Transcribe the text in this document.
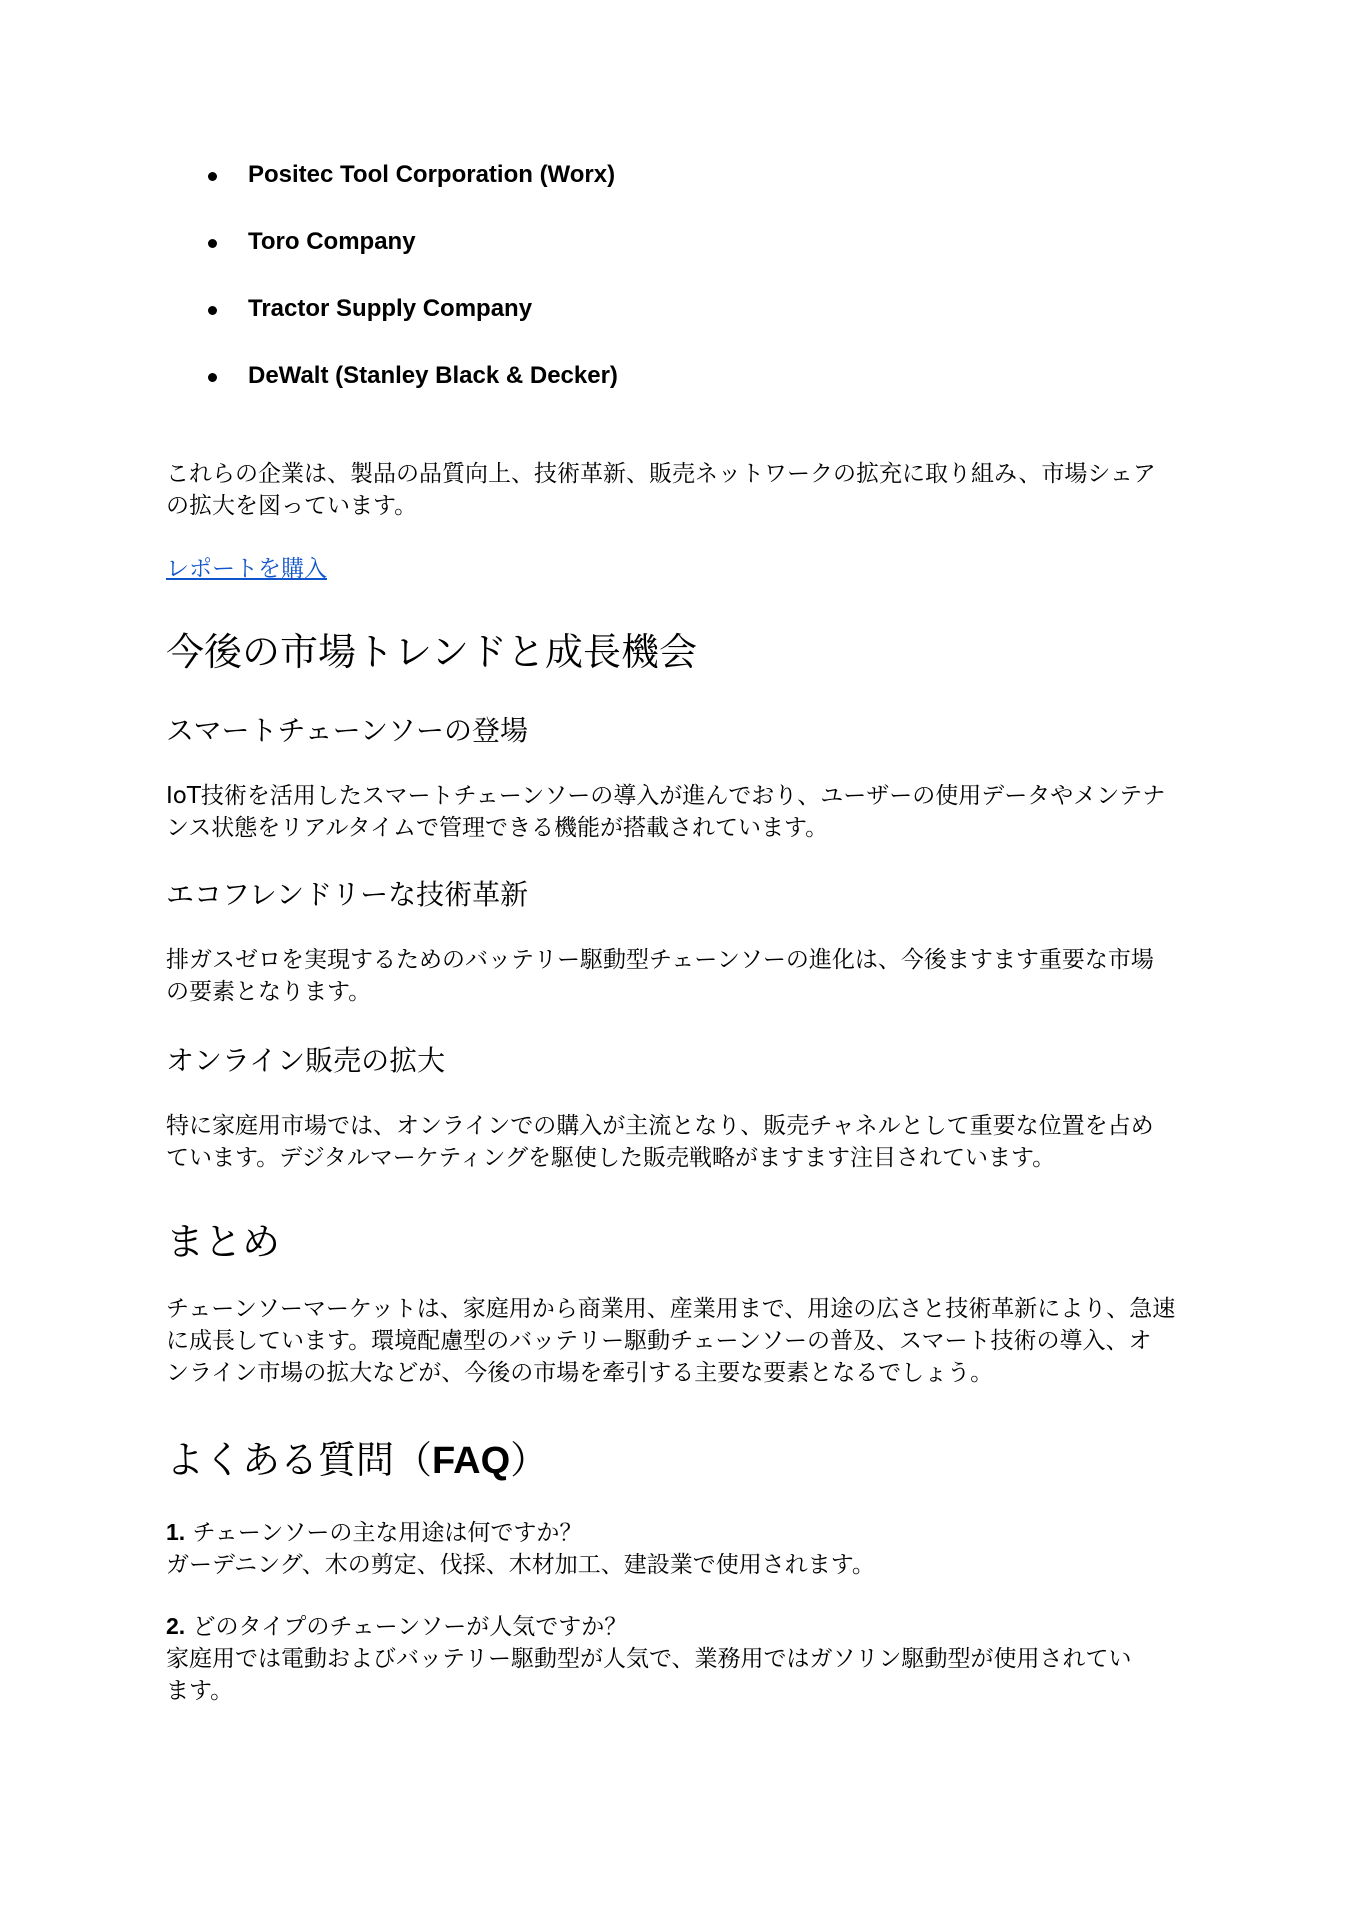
Positec Tool Corporation (Worx)
Toro Company
Tractor Supply Company
DeWalt (Stanley Black & Decker)

これらの企業は、製品の品質向上、技術革新、販売ネットワークの拡充に取り組み、市場シェア
の拡大を図っています。

レポートを購入
今後の市場トレンドと成長機会
スマートチェーンソーの登場

IoT技術を活用したスマートチェーンソーの導入が進んでおり、ユーザーの使用データやメンテナ
ンス状態をリアルタイムで管理できる機能が搭載されています。

エコフレンドリーな技術革新

排ガスゼロを実現するためのバッテリー駆動型チェーンソーの進化は、今後ますます重要な市場
の要素となります。

オンライン販売の拡大

特に家庭用市場では、オンラインでの購入が主流となり、販売チャネルとして重要な位置を占め
ています。デジタルマーケティングを駆使した販売戦略がますます注目されています。

まとめ

チェーンソーマーケットは、家庭用から商業用、産業用まで、用途の広さと技術革新により、急速
に成長しています。環境配慮型のバッテリー駆動チェーンソーの普及、スマート技術の導入、オ
ンライン市場の拡大などが、今後の市場を牽引する主要な要素となるでしょう。

よくある質問（FAQ）

1. チェーンソーの主な用途は何ですか？
ガーデニング、木の剪定、伐採、木材加工、建設業で使用されます。

2. どのタイプのチェーンソーが人気ですか？
家庭用では電動およびバッテリー駆動型が人気で、業務用ではガソリン駆動型が使用されてい
ます。
